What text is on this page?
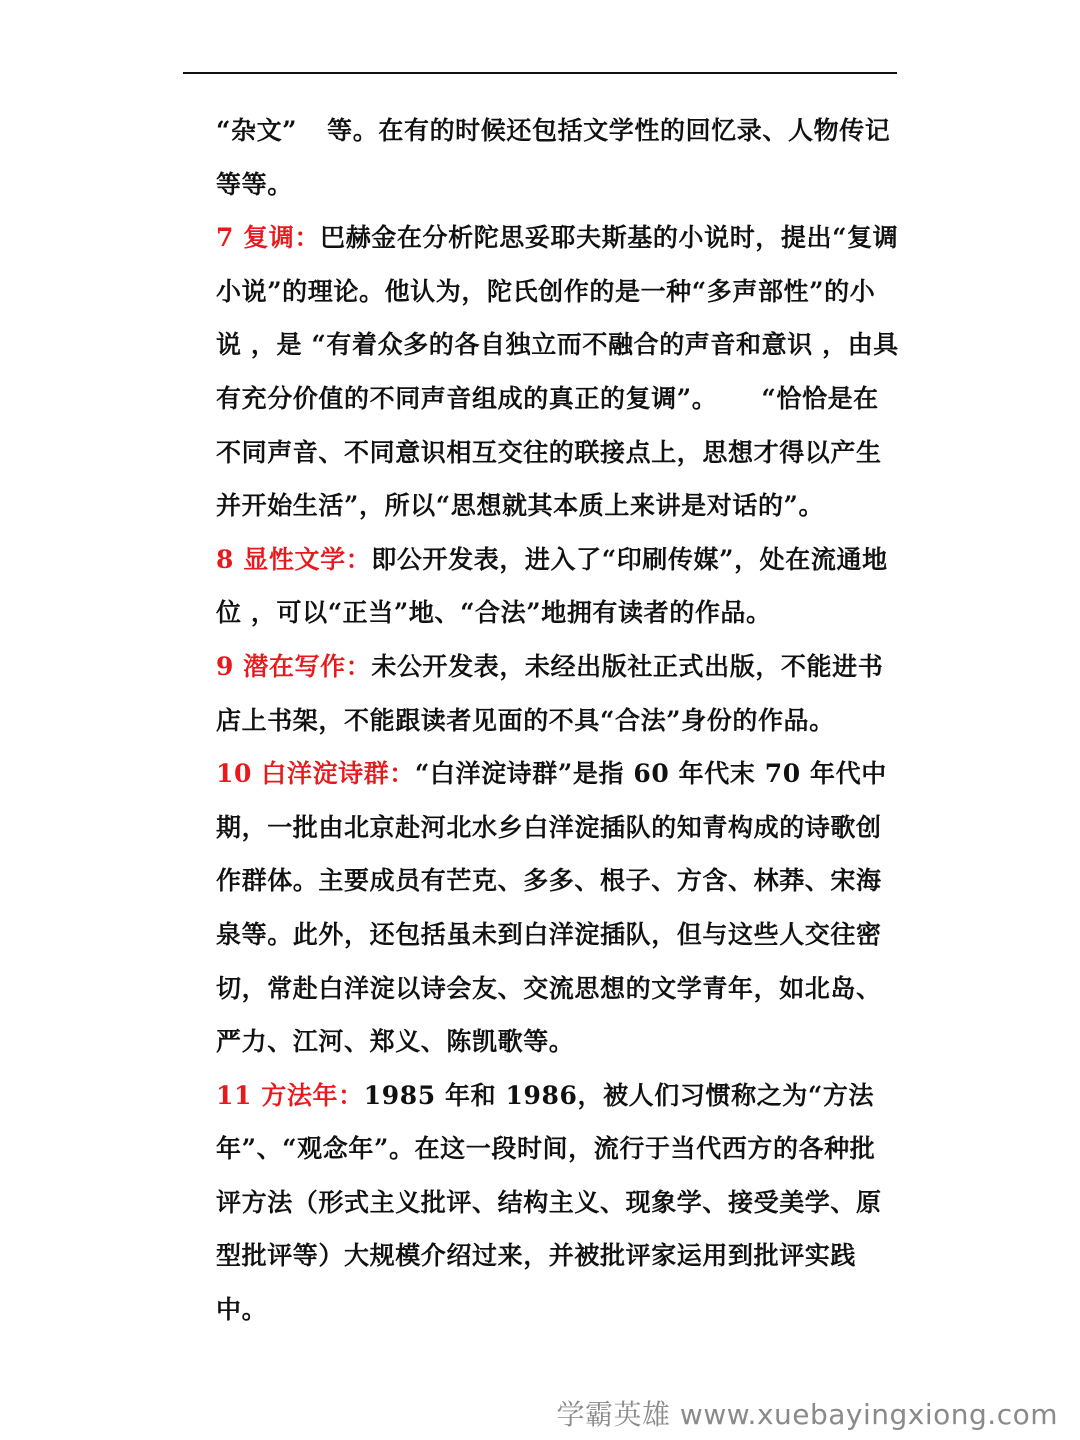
“杂文” 等。在有的时候还包括文学性的回忆录、人物传记等等。

7 复调：巴赫金在分析陀思妥耶夫斯基的小说时，提出“复调小说”的理论。他认为，陀氏创作的是一种“多声部性”的小说 ，是 “有着众多的各自独立而不融合的声音和意识 ，由具有充分价值的不同声音组成的真正的复调”。 “恰恰是在不同声音、不同意识相互交往的联接点上，思想才得以产生并开始生活”，所以“思想就其本质上来讲是对话的”。

8 显性文学：即公开发表，进入了“印刷传媒”，处在流通地位 ，可以“正当”地、“合法”地拥有读者的作品。

9 潜在写作：未公开发表，未经出版社正式出版，不能进书店上书架，不能跟读者见面的不具“合法”身份的作品。

10 白洋淀诗群：“白洋淀诗群”是指 60 年代末 70 年代中期，一批由北京赴河北水乡白洋淀插队的知青构成的诗歌创作群体。主要成员有芒克、多多、根子、方含、林莽、宋海泉等。此外，还包括虽未到白洋淀插队，但与这些人交往密切，常赴白洋淀以诗会友、交流思想的文学青年，如北岛、严力、江河、郑义、陈凯歌等。

11 方法年：1985 年和 1986，被人们习惯称之为“方法年”、“观念年”。在这一段时间，流行于当代西方的各种批评方法（形式主义批评、结构主义、现象学、接受美学、原型批评等）大规模介绍过来，并被批评家运用到批评实践中。

学霸英雄 www.xuebayingxiong.com
